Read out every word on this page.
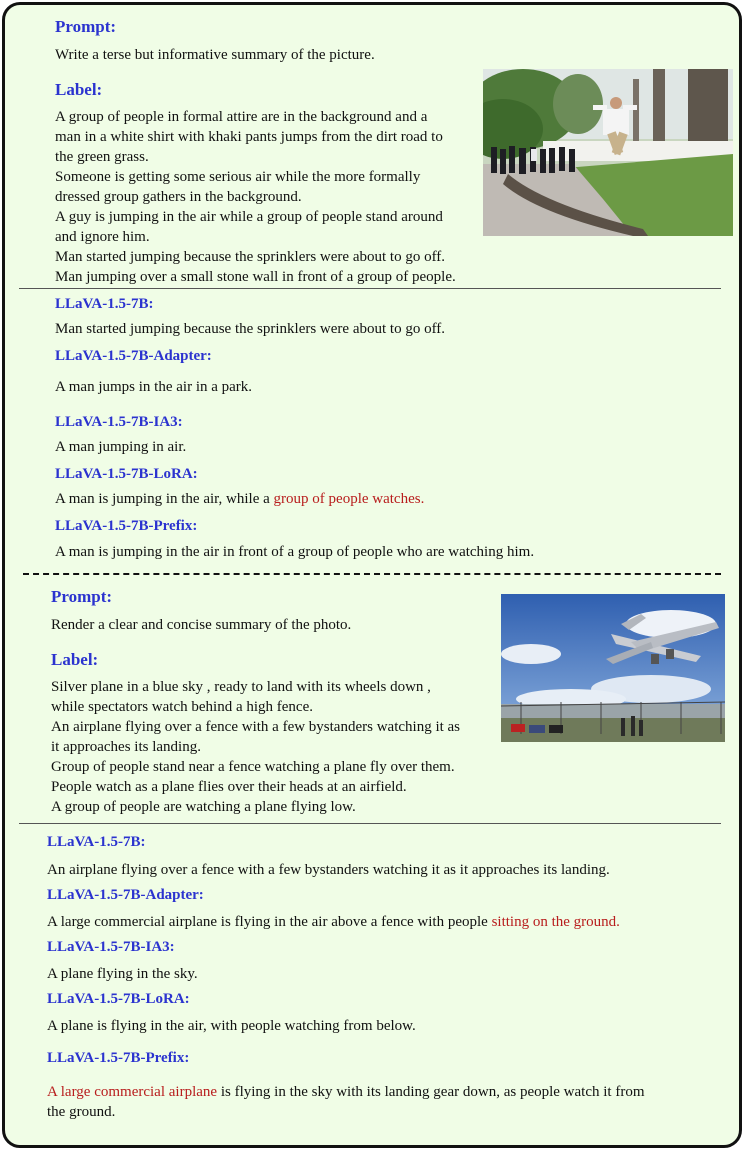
Prompt:
Write a terse but informative summary of the picture.
Label:
A group of people in formal attire are in the background and a
man in a white shirt with khaki pants jumps from the dirt road to
the green grass.
Someone is getting some serious air while the more formally
dressed group gathers in the background.
A guy is jumping in the air while a group of people stand around
and ignore him.
Man started jumping because the sprinklers were about to go off.
Man jumping over a small stone wall in front of a group of people.
LLaVA-1.5-7B:
Man started jumping because the sprinklers were about to go off.
LLaVA-1.5-7B-Adapter:
A man jumps in the air in a park.
LLaVA-1.5-7B-IA3:
A man jumping in air.
LLaVA-1.5-7B-LoRA:
A man is jumping in the air, while a group of people watches.
LLaVA-1.5-7B-Prefix:
A man is jumping in the air in front of a group of people who are watching him.
Prompt:
Render a clear and concise summary of the photo.
Label:
Silver plane in a blue sky , ready to land with its wheels down ,
while spectators watch behind a high fence.
An airplane flying over a fence with a few bystanders watching it as
it approaches its landing.
Group of people stand near a fence watching a plane fly over them.
People watch as a plane flies over their heads at an airfield.
A group of people are watching a plane flying low.
LLaVA-1.5-7B:
An airplane flying over a fence with a few bystanders watching it as it approaches its landing.
LLaVA-1.5-7B-Adapter:
A large commercial airplane is flying in the air above a fence with people sitting on the ground.
LLaVA-1.5-7B-IA3:
A plane flying in the sky.
LLaVA-1.5-7B-LoRA:
A plane is flying in the air, with people watching from below.
LLaVA-1.5-7B-Prefix:
A large commercial airplane is flying in the sky with its landing gear down, as people watch it from
the ground.
